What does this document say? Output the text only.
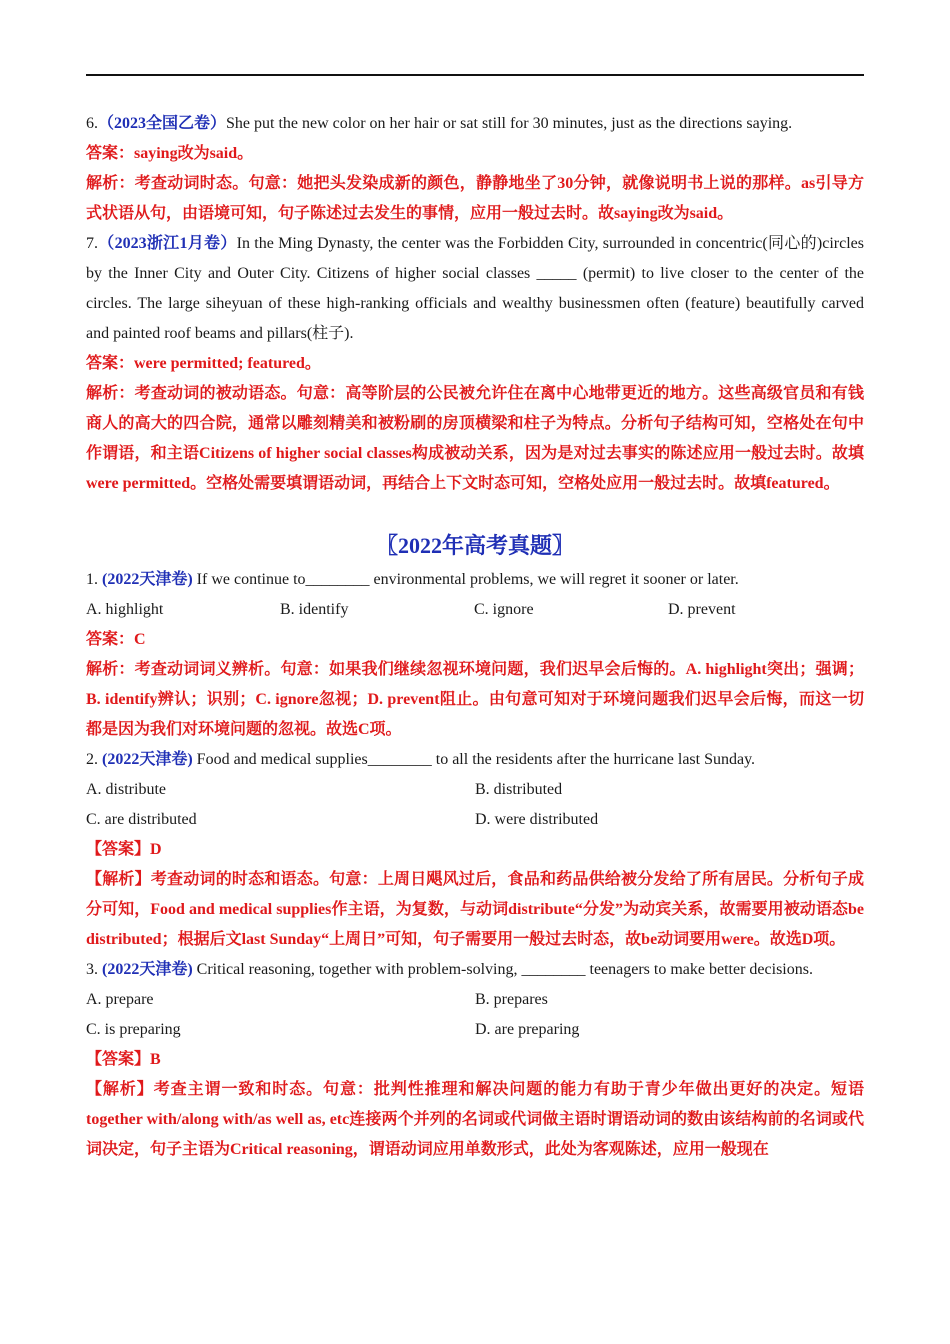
6.（2023全国乙卷）She put the new color on her hair or sat still for 30 minutes, just as the directions saying.

答案：saying改为said。

解析：考查动词时态。句意：她把头发染成新的颜色，静静地坐了30分钟，就像说明书上说的那样。as引导方式状语从句，由语境可知，句子陈述过去发生的事情，应用一般过去时。故saying改为said。

7.（2023浙江1月卷）In the Ming Dynasty, the center was the Forbidden City, surrounded in concentric(同心的)circles by the Inner City and Outer City. Citizens of higher social classes _____ (permit) to live closer to the center of the circles. The large siheyuan of these high-ranking officials and wealthy businessmen often (feature) beautifully carved and painted roof beams and pillars(柱子).

答案：were permitted; featured。

解析：考查动词的被动语态。句意：高等阶层的公民被允许住在离中心地带更近的地方。这些高级官员和有钱商人的高大的四合院，通常以雕刻精美和被粉刷的房顶横梁和柱子为特点。分析句子结构可知，空格处在句中作谓语，和主语Citizens of higher social classes构成被动关系，因为是对过去事实的陈述应用一般过去时。故填were permitted。空格处需要填谓语动词，再结合上下文时态可知，空格处应用一般过去时。故填featured。

〖2022年高考真题〗

1. (2022天津卷) If we continue to________ environmental problems, we will regret it sooner or later.

A. highlight	B. identify	C. ignore	D. prevent

答案：C

解析：考查动词词义辨析。句意：如果我们继续忽视环境问题，我们迟早会后悔的。A. highlight突出；强调；B. identify辨认；识别；C. ignore忽视；D. prevent阻止。由句意可知对于环境问题我们迟早会后悔，而这一切都是因为我们对环境问题的忽视。故选C项。

2. (2022天津卷) Food and medical supplies________ to all the residents after the hurricane last Sunday.

A. distribute	B. distributed
C. are distributed	D. were distributed

【答案】D

【解析】考查动词的时态和语态。句意：上周日飓风过后，食品和药品供给被分发给了所有居民。分析句子成分可知，Food and medical supplies作主语，为复数，与动词distribute“分发”为动宾关系，故需要用被动语态be distributed；根据后文last Sunday“上周日”可知，句子需要用一般过去时态，故be动词要用were。故选D项。

3. (2022天津卷) Critical reasoning, together with problem-solving, ________ teenagers to make better decisions.

A. prepare	B. prepares
C. is preparing	D. are preparing

【答案】B

【解析】考查主谓一致和时态。句意：批判性推理和解决问题的能力有助于青少年做出更好的决定。短语together with/along with/as well as, etc连接两个并列的名词或代词做主语时谓语动词的数由该结构前的名词或代词决定，句子主语为Critical reasoning，谓语动词应用单数形式，此处为客观陈述，应用一般现在
